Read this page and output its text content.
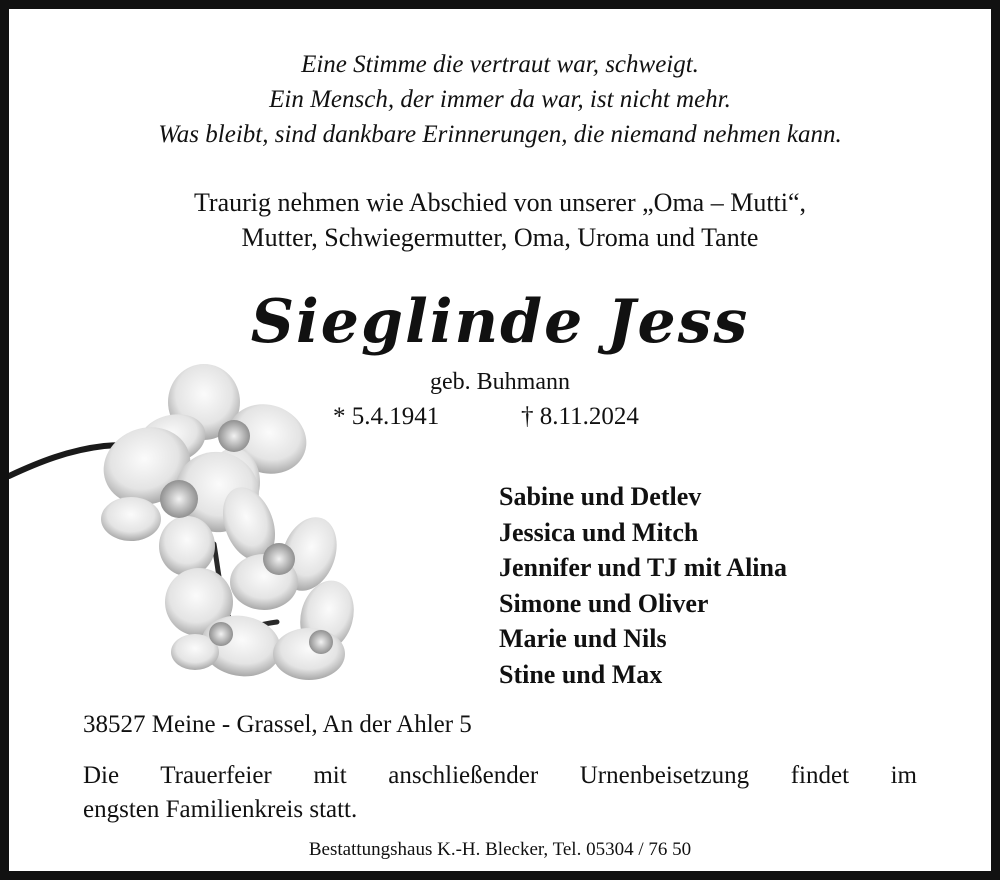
Eine Stimme die vertraut war, schweigt.
Ein Mensch, der immer da war, ist nicht mehr.
Was bleibt, sind dankbare Erinnerungen, die niemand nehmen kann.
Traurig nehmen wie Abschied von unserer „Oma – Mutti“,
Mutter, Schwiegermutter, Oma, Uroma und Tante
Sieglinde Jess
geb. Buhmann
* 5.4.1941	† 8.11.2024
Sabine und Detlev
Jessica und Mitch
Jennifer und TJ mit Alina
Simone und Oliver
Marie und Nils
Stine und Max
38527 Meine - Grassel, An der Ahler 5
Die Trauerfeier mit anschließender Urnenbeisetzung findet im
engsten Familienkreis statt.
Bestattungshaus K.-H. Blecker, Tel. 05304 / 76 50
